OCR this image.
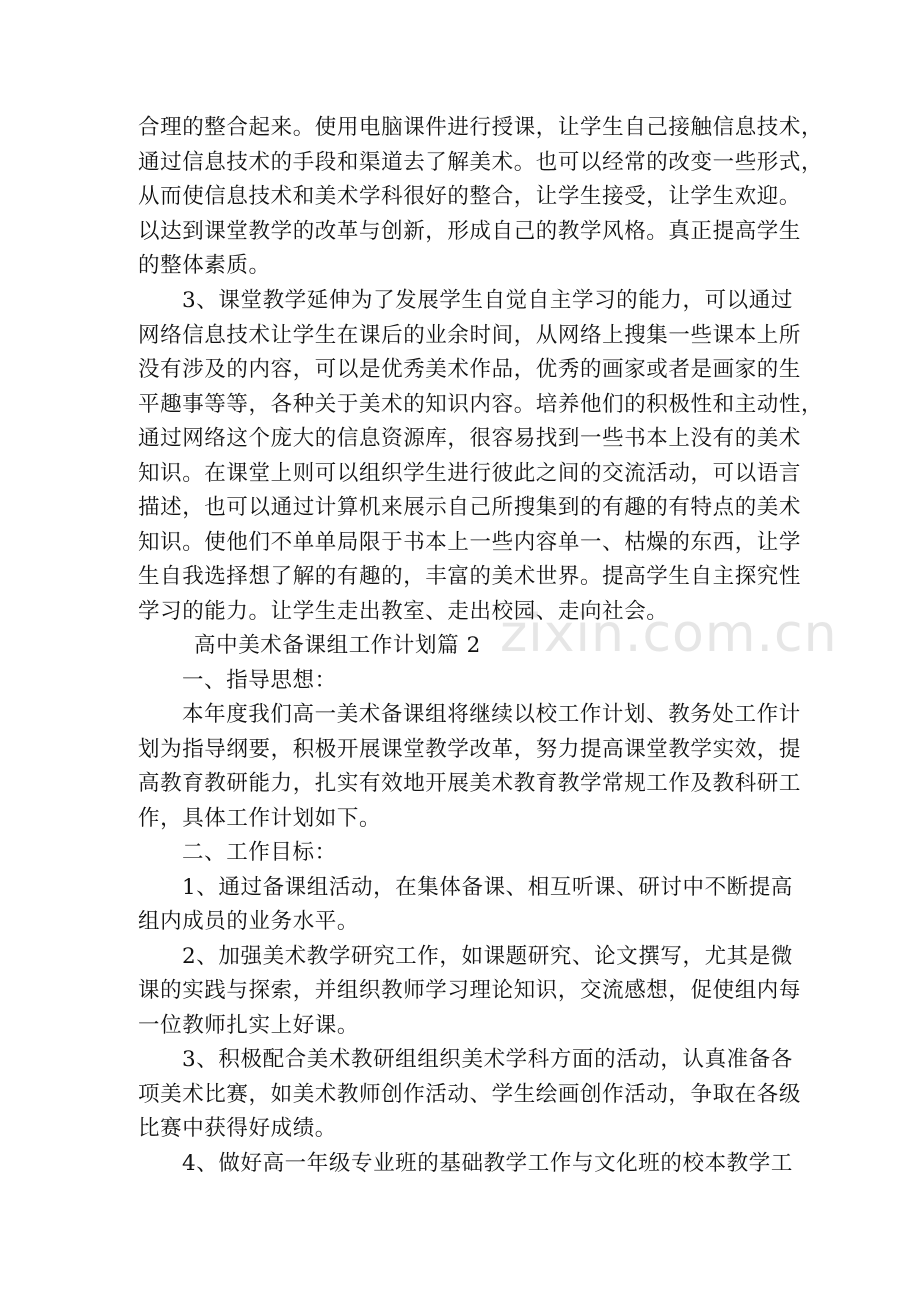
zixin.com.cn
合理的整合起来。使用电脑课件进行授课，让学生自己接触信息技术，
通过信息技术的手段和渠道去了解美术。也可以经常的改变一些形式，
从而使信息技术和美术学科很好的整合，让学生接受，让学生欢迎。
以达到课堂教学的改革与创新，形成自己的教学风格。真正提高学生
的整体素质。
3、课堂教学延伸为了发展学生自觉自主学习的能力，可以通过
网络信息技术让学生在课后的业余时间，从网络上搜集一些课本上所
没有涉及的内容，可以是优秀美术作品，优秀的画家或者是画家的生
平趣事等等，各种关于美术的知识内容。培养他们的积极性和主动性，
通过网络这个庞大的信息资源库，很容易找到一些书本上没有的美术
知识。在课堂上则可以组织学生进行彼此之间的交流活动，可以语言
描述，也可以通过计算机来展示自己所搜集到的有趣的有特点的美术
知识。使他们不单单局限于书本上一些内容单一、枯燥的东西，让学
生自我选择想了解的有趣的，丰富的美术世界。提高学生自主探究性
学习的能力。让学生走出教室、走出校园、走向社会。
高中美术备课组工作计划篇 2
一、指导思想：
本年度我们高一美术备课组将继续以校工作计划、教务处工作计
划为指导纲要，积极开展课堂教学改革，努力提高课堂教学实效，提
高教育教研能力，扎实有效地开展美术教育教学常规工作及教科研工
作，具体工作计划如下。
二、工作目标：
1、通过备课组活动，在集体备课、相互听课、研讨中不断提高
组内成员的业务水平。
2、加强美术教学研究工作，如课题研究、论文撰写，尤其是微
课的实践与探索，并组织教师学习理论知识，交流感想，促使组内每
一位教师扎实上好课。
3、积极配合美术教研组组织美术学科方面的活动，认真准备各
项美术比赛，如美术教师创作活动、学生绘画创作活动，争取在各级
比赛中获得好成绩。
4、做好高一年级专业班的基础教学工作与文化班的校本教学工
